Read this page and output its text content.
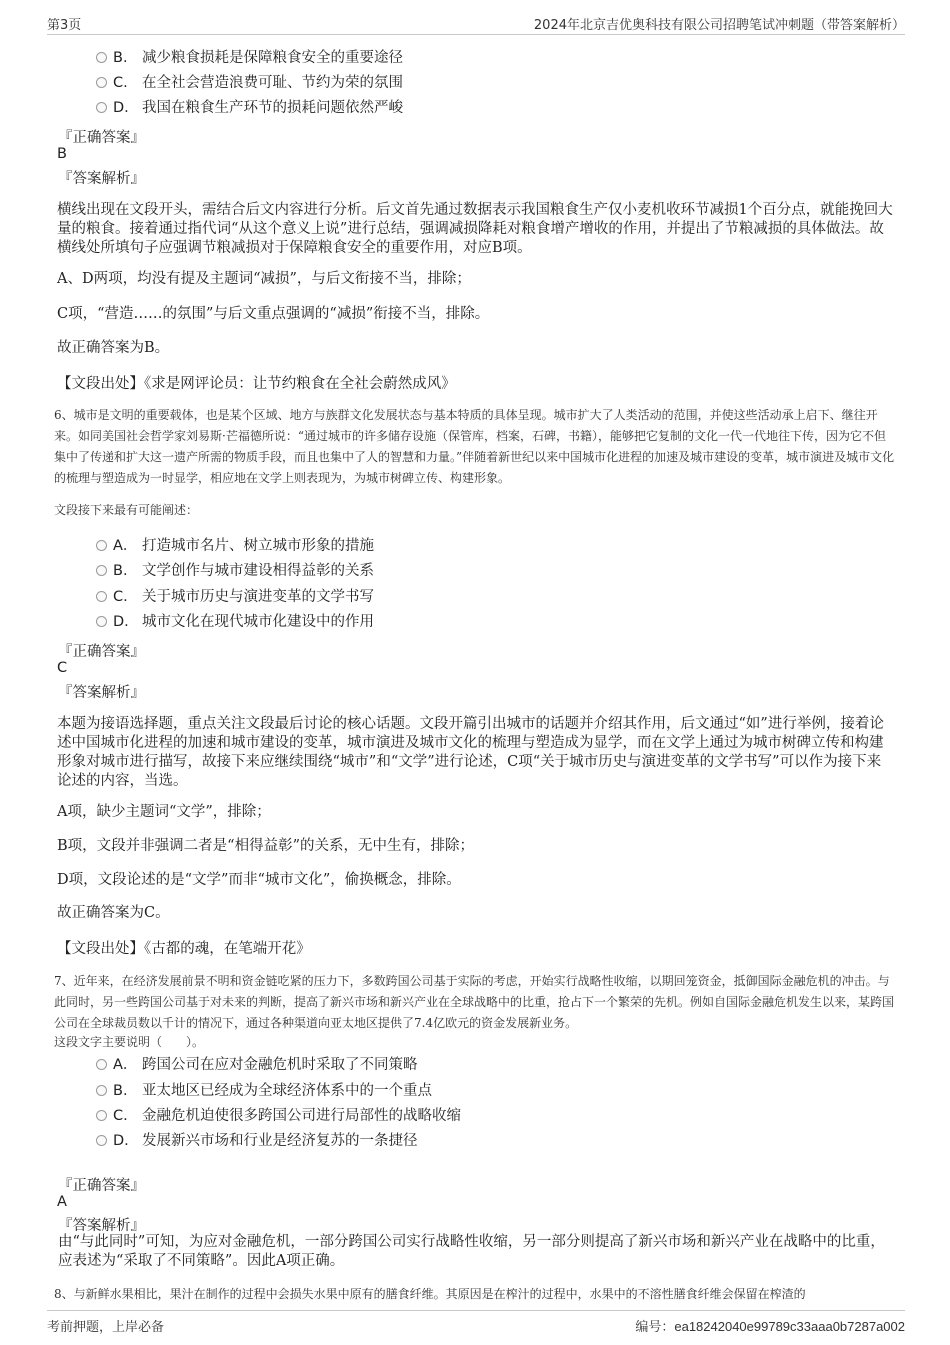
第3页	2024年北京吉优奥科技有限公司招聘笔试冲刺题（带答案解析）
B. 减少粮食损耗是保障粮食安全的重要途径
C. 在全社会营造浪费可耻、节约为荣的氛围
D. 我国在粮食生产环节的损耗问题依然严峻
『正确答案』
B
『答案解析』

横线出现在文段开头，需结合后文内容进行分析。后文首先通过数据表示我国粮食生产仅小麦机收环节减损1个百分点，就能挽回大量的粮食。接着通过指代词“从这个意义上说”进行总结，强调减损降耗对粮食增产增收的作用，并提出了节粮减损的具体做法。故横线处所填句子应强调节粮减损对于保障粮食安全的重要作用，对应B项。

A、D两项，均没有提及主题词“减损”，与后文衔接不当，排除；

C项，“营造……的氛围”与后文重点强调的“减损”衔接不当，排除。

故正确答案为B。

【文段出处】《求是网评论员：让节约粮食在全社会蔚然成风》

6、城市是文明的重要载体，也是某个区域、地方与族群文化发展状态与基本特质的具体呈现。城市扩大了人类活动的范围，并使这些活动承上启下、继往开来。如同美国社会哲学家刘易斯·芒福德所说：“通过城市的许多储存设施（保管库，档案，石碑，书籍），能够把它复制的文化一代一代地往下传，因为它不但集中了传递和扩大这一遗产所需的物质手段，而且也集中了人的智慧和力量。”伴随着新世纪以来中国城市化进程的加速及城市建设的变革，城市演进及城市文化的梳理与塑造成为一时显学，相应地在文学上则表现为，为城市树碑立传、构建形象。

文段接下来最有可能阐述：

A． 打造城市名片、树立城市形象的措施
B. 文学创作与城市建设相得益彰的关系
C. 关于城市历史与演进变革的文学书写
D. 城市文化在现代城市化建设中的作用
『正确答案』
C
『答案解析』

本题为接语选择题，重点关注文段最后讨论的核心话题。文段开篇引出城市的话题并介绍其作用，后文通过“如”进行举例，接着论述中国城市化进程的加速和城市建设的变革，城市演进及城市文化的梳理与塑造成为显学，而在文学上通过为城市树碑立传和构建形象对城市进行描写，故接下来应继续围绕“城市”和“文学”进行论述，C项“关于城市历史与演进变革的文学书写”可以作为接下来论述的内容，当选。

A项，缺少主题词“文学”，排除；

B项，文段并非强调二者是“相得益彰”的关系，无中生有，排除；

D项，文段论述的是“文学”而非“城市文化”，偷换概念，排除。

故正确答案为C。

【文段出处】《古都的魂，在笔端开花》

7、近年来，在经济发展前景不明和资金链吃紧的压力下，多数跨国公司基于实际的考虑，开始实行战略性收缩，以期回笼资金，抵御国际金融危机的冲击。与此同时，另一些跨国公司基于对未来的判断，提高了新兴市场和新兴产业在全球战略中的比重，抢占下一个繁荣的先机。例如自国际金融危机发生以来，某跨国公司在全球裁员数以千计的情况下，通过各种渠道向亚太地区提供了7.4亿欧元的资金发展新业务。

这段文字主要说明（　　）。

A． 跨国公司在应对金融危机时采取了不同策略
B. 亚太地区已经成为全球经济体系中的一个重点
C. 金融危机迫使很多跨国公司进行局部性的战略收缩
D. 发展新兴市场和行业是经济复苏的一条捷径
『正确答案』
A
『答案解析』

由“与此同时”可知，为应对金融危机，一部分跨国公司实行战略性收缩，另一部分则提高了新兴市场和新兴产业在战略中的比重，应表述为“采取了不同策略”。因此A项正确。

8、与新鲜水果相比，果汁在制作的过程中会损失水果中原有的膳食纤维。其原因是在榨汁的过程中，水果中的不溶性膳食纤维会保留在榨渣的

考前押题，上岸必备	编号：ea18242040e99789c33aaa0b7287a002
